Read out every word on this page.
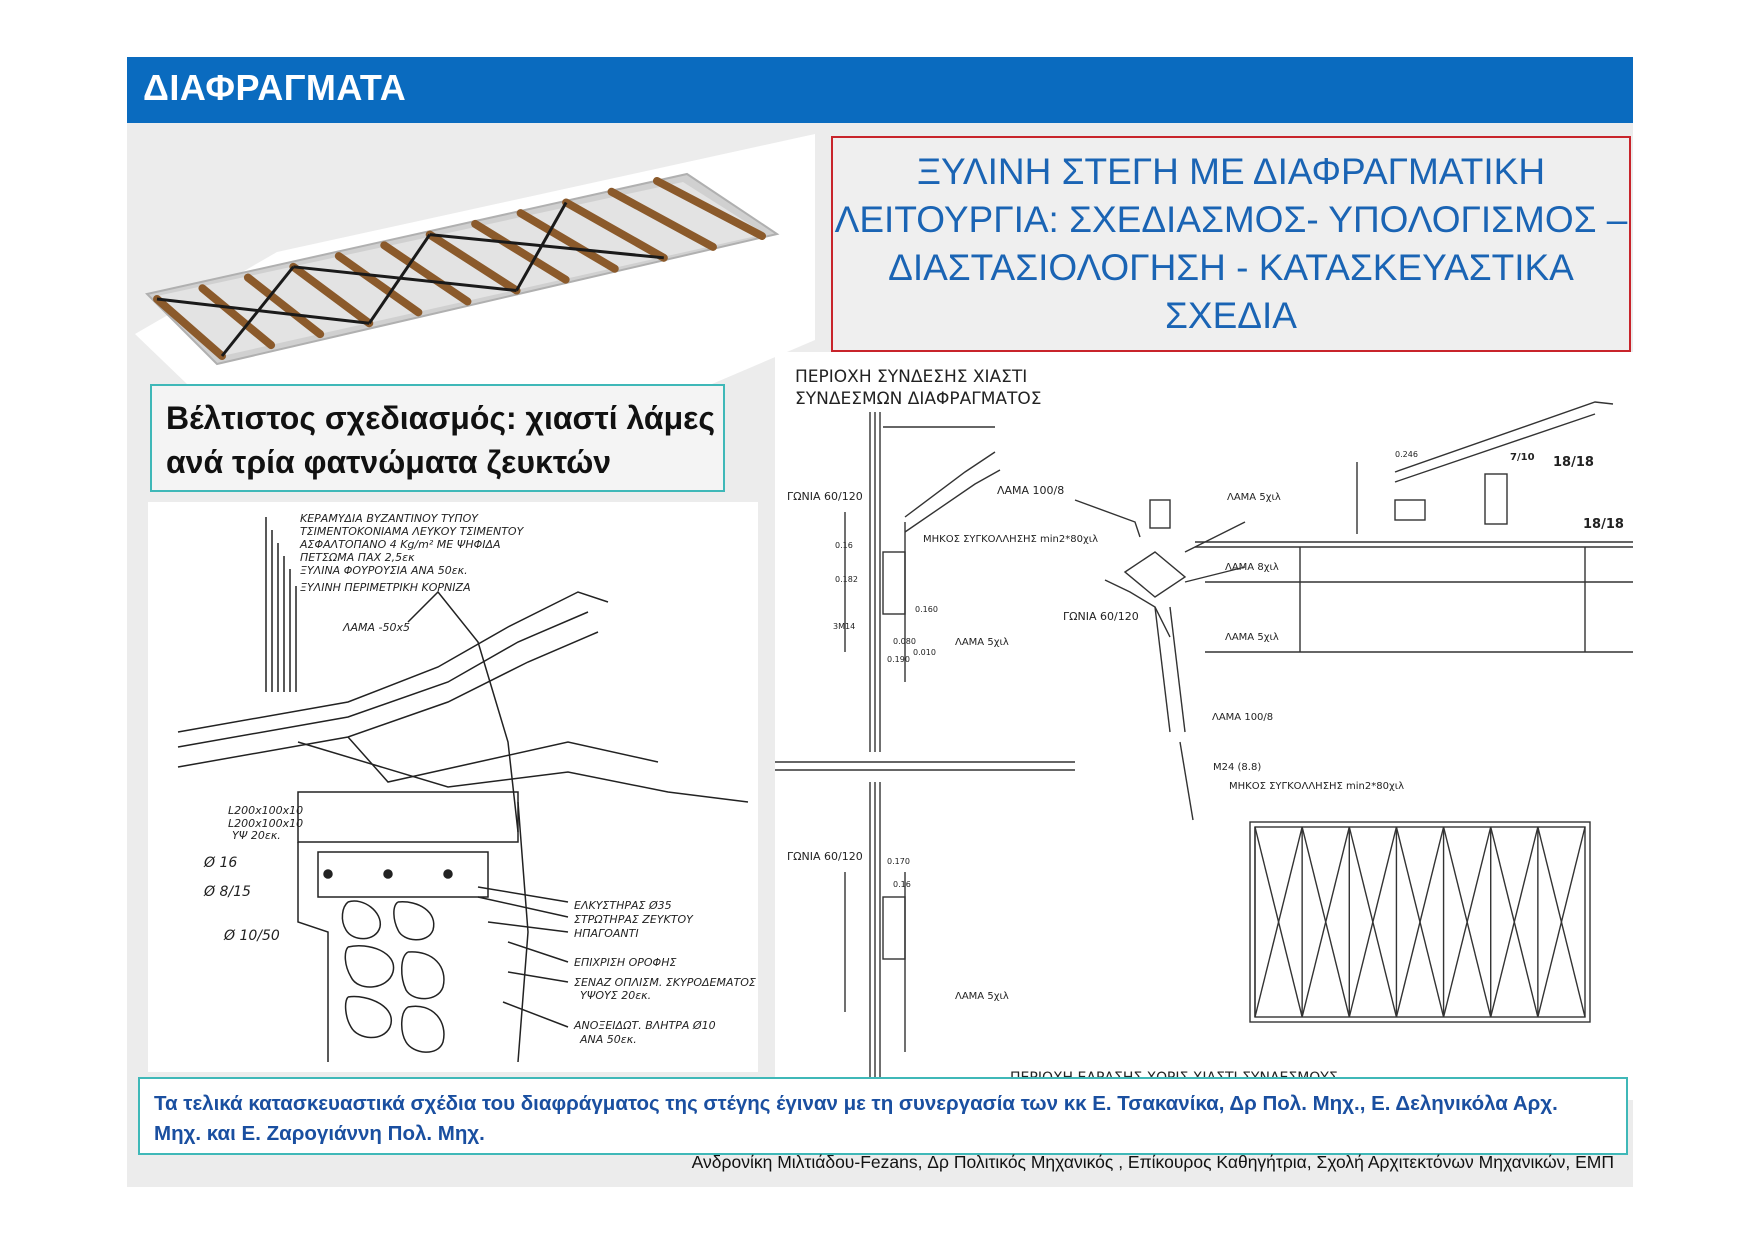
ΔΙΑΦΡΑΓΜΑΤΑ
ΞΥΛΙΝΗ ΣΤΕΓΗ ΜΕ ΔΙΑΦΡΑΓΜΑΤΙΚΗ
ΛΕΙΤΟΥΡΓΙΑ: ΣΧΕΔΙΑΣΜΟΣ- ΥΠΟΛΟΓΙΣΜΟΣ –
ΔΙΑΣΤΑΣΙΟΛΟΓΗΣΗ - ΚΑΤΑΣΚΕΥΑΣΤΙΚΑ
ΣΧΕΔΙΑ
ΠΕΡΙΟΧΗ ΣΥΝΔΕΣΗΣ ΧΙΑΣΤΙ
ΣΥΝΔΕΣΜΩΝ ΔΙΑΦΡΑΓΜΑΤΟΣ
ΓΩΝΙΑ 60/120	ΛΑΜΑ 100/8
ΜΗΚΟΣ ΣΥΓΚΟΛΛΗΣΗΣ min2*80χιλ
ΛΑΜΑ 5χιλ
ΛΑΜΑ 5χιλ
ΛΑΜΑ 8χιλ
ΓΩΝΙΑ 60/120
ΛΑΜΑ 5χιλ
ΛΑΜΑ 100/8
M24 (8.8)
ΜΗΚΟΣ ΣΥΓΚΟΛΛΗΣΗΣ min2*80χιλ
ΓΩΝΙΑ 60/120
ΛΑΜΑ 5χιλ
0.16
0.182
3M14
0.160
0.080
0.190
0.010
0.170
0.16
0.246
18/18
18/18
7/10
Βέλτιστος σχεδιασμός: χιαστί λάμες
ανά τρία φατνώματα ζευκτών
ΚΕΡΑΜΥΔΙΑ ΒΥΖΑΝΤΙΝΟΥ ΤΥΠΟΥ
ΤΣΙΜΕΝΤΟΚΟΝΙΑΜΑ ΛΕΥΚΟΥ ΤΣΙΜΕΝΤΟΥ
ΑΣΦΑΛΤΟΠΑΝΟ 4 Kg/m² ΜΕ ΨΗΦΙΔΑ
ΠΕΤΣΩΜΑ ΠΑΧ 2,5εκ
ΞΥΛΙΝΑ ΦΟΥΡΟΥΣΙΑ ΑΝΑ 50εκ.
ΞΥΛΙΝΗ ΠΕΡΙΜΕΤΡΙΚΗ ΚΟΡΝΙΖΑ
ΛΑΜΑ -50x5
L200x100x10
L200x100x10
ΥΨ 20εκ.
Ø 16
Ø 8/15
Ø 10/50
ΕΛΚΥΣΤΗΡΑΣ Ø35
ΣΤΡΩΤΗΡΑΣ ΖΕΥΚΤΟΥ
ΗΠΑΓΟΑΝΤΙ
ΕΠΙΧΡΙΣΗ ΟΡΟΦΗΣ
ΣΕΝΑΖ ΟΠΛΙΣΜ. ΣΚΥΡΟΔΕΜΑΤΟΣ
ΥΨΟΥΣ 20εκ.
ΑΝΟΞΕΙΔΩΤ. ΒΛΗΤΡΑ Ø10
ΑΝΑ 50εκ.
Τα τελικά κατασκευαστικά σχέδια του διαφράγματος της στέγης έγιναν με τη συνεργασία των κκ Ε. Τσακανίκα, Δρ Πολ. Μηχ., Ε. Δεληνικόλα Αρχ.
Μηχ. και Ε. Ζαρογιάννη Πολ. Μηχ.
Ανδρονίκη Μιλτιάδου-Fezans, Δρ Πολιτικός Μηχανικός , Επίκουρος Καθηγήτρια, Σχολή Αρχιτεκτόνων Μηχανικών, ΕΜΠ
